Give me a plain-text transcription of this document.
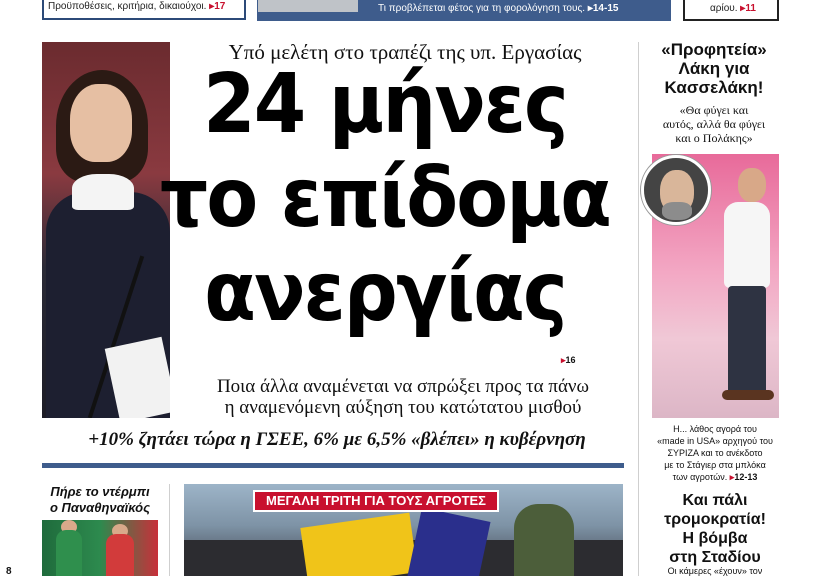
Προϋποθέσεις, κριτήρια, δικαιούχοι. ▸17	Τι προβλέπεται φέτος για τη φορολόγηση τους. ▸14-15	αρίου. ▸11
Υπό μελέτη στο τραπέζι της υπ. Εργασίας
24 μήνες
το επίδομα
ανεργίας
▸16
Ποια άλλα αναμένεται να σπρώξει προς τα πάνω
η αναμενόμενη αύξηση του κατώτατου μισθού
+10% ζητάει τώρα η ΓΣΕΕ, 6% με 6,5% «βλέπει» η κυβέρνηση
«Προφητεία»
Λάκη για
Κασσελάκη!
«Θα φύγει και
αυτός, αλλά θα φύγει
και ο Πολάκης»
Η... λάθος αγορά του
«made in USA» αρχηγού του
ΣΥΡΙΖΑ και το ανέκδοτο
με το Στάγιερ στα μπλόκα
των αγροτών. ▸12-13
Και πάλι
τρομοκρατία!
Η βόμβα
στη Σταδίου
Οι κάμερες «έχουν» τον
Πήρε το ντέρμπι
ο Παναθηναϊκός	ΜΕΓΑΛΗ ΤΡΙΤΗ ΓΙΑ ΤΟΥΣ ΑΓΡΟΤΕΣ
8
